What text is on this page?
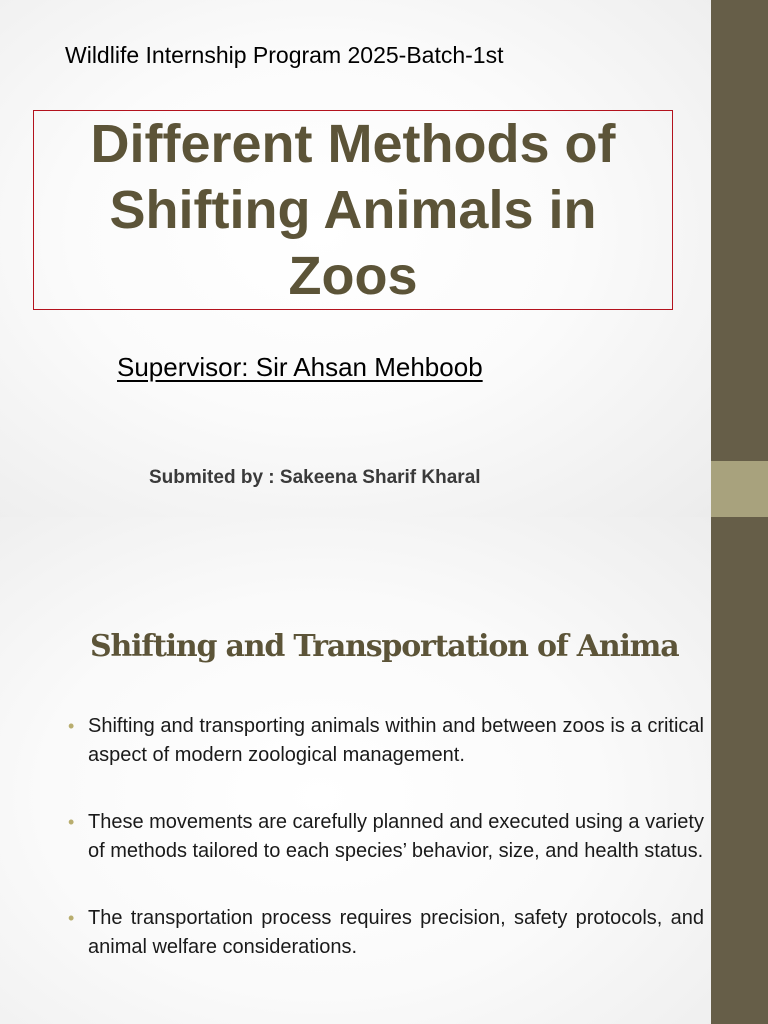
Wildlife Internship Program 2025-Batch-1st
Different Methods of Shifting Animals in Zoos
Supervisor: Sir Ahsan Mehboob
Submited by : Sakeena Sharif Kharal
Shifting and Transportation of Anima
• Shifting and transporting animals within and between zoos is a critical aspect of modern zoological management.
• These movements are carefully planned and executed using a variety of methods tailored to each species’ behavior, size, and health status.
• The transportation process requires precision, safety protocols, and animal welfare considerations.
